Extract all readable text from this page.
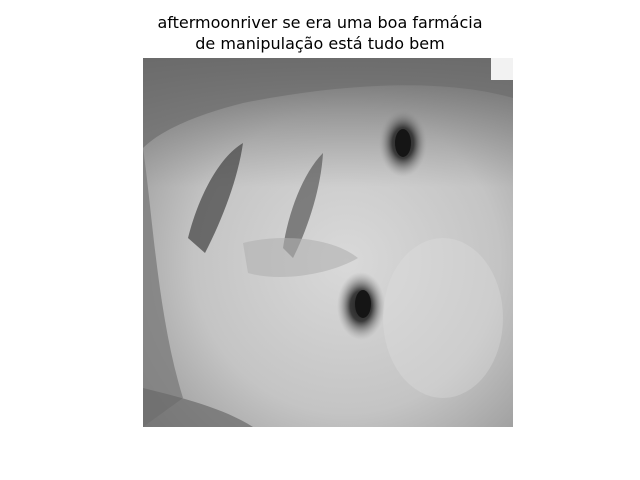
aftermoonriver se era uma boa farmácia
de manipulação está tudo bem
